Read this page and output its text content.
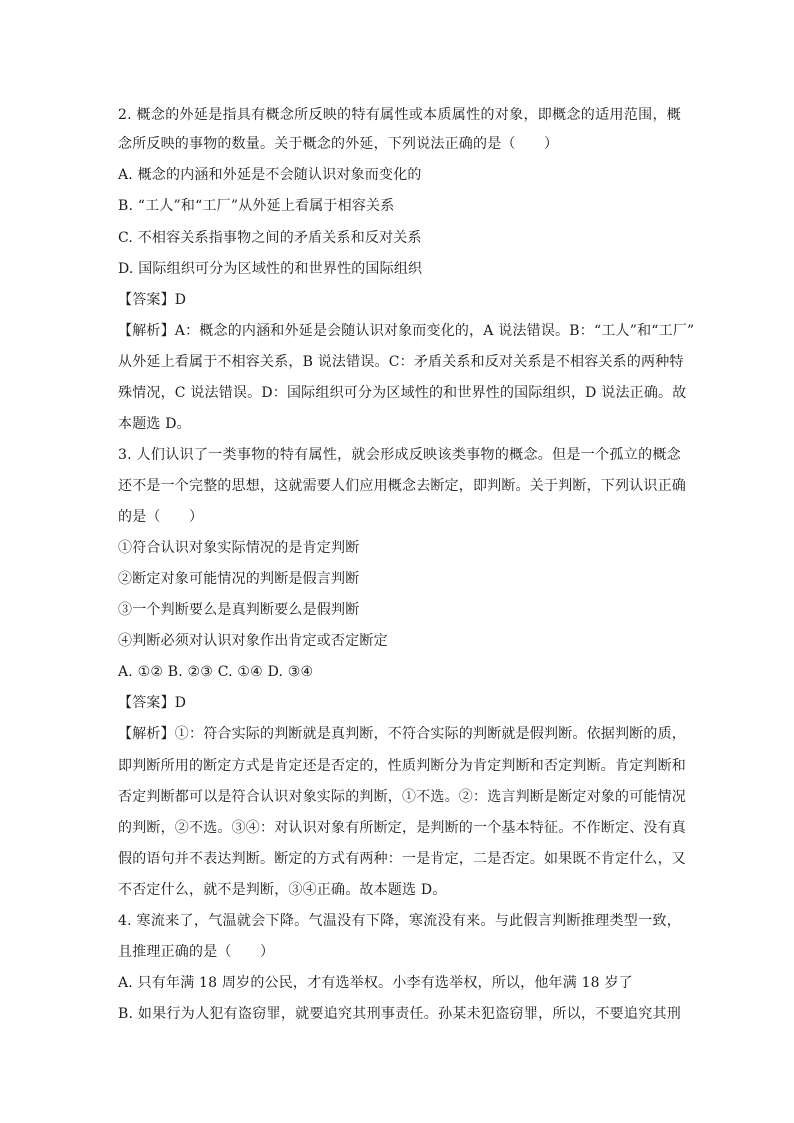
2. 概念的外延是指具有概念所反映的特有属性或本质属性的对象，即概念的适用范围，概
念所反映的事物的数量。关于概念的外延，下列说法正确的是（　　）
A. 概念的内涵和外延是不会随认识对象而变化的
B. “工人”和“工厂”从外延上看属于相容关系
C. 不相容关系指事物之间的矛盾关系和反对关系
D. 国际组织可分为区域性的和世界性的国际组织
【答案】D
【解析】A：概念的内涵和外延是会随认识对象而变化的，A 说法错误。B：“工人”和“工厂”
从外延上看属于不相容关系，B 说法错误。C：矛盾关系和反对关系是不相容关系的两种特
殊情况，C 说法错误。D：国际组织可分为区域性的和世界性的国际组织，D 说法正确。故
本题选 D。
3. 人们认识了一类事物的特有属性，就会形成反映该类事物的概念。但是一个孤立的概念
还不是一个完整的思想，这就需要人们应用概念去断定，即判断。关于判断，下列认识正确
的是（　　）
①符合认识对象实际情况的是肯定判断
②断定对象可能情况的判断是假言判断
③一个判断要么是真判断要么是假判断
④判断必须对认识对象作出肯定或否定断定
A. ①② B. ②③ C. ①④ D. ③④
【答案】D
【解析】①：符合实际的判断就是真判断，不符合实际的判断就是假判断。依据判断的质，
即判断所用的断定方式是肯定还是否定的，性质判断分为肯定判断和否定判断。肯定判断和
否定判断都可以是符合认识对象实际的判断，①不选。②：选言判断是断定对象的可能情况
的判断，②不选。③④：对认识对象有所断定，是判断的一个基本特征。不作断定、没有真
假的语句并不表达判断。断定的方式有两种：一是肯定，二是否定。如果既不肯定什么，又
不否定什么，就不是判断，③④正确。故本题选 D。
4. 寒流来了，气温就会下降。气温没有下降，寒流没有来。与此假言判断推理类型一致，
且推理正确的是（　　）
A. 只有年满 18 周岁的公民，才有选举权。小李有选举权，所以，他年满 18 岁了
B. 如果行为人犯有盗窃罪，就要追究其刑事责任。孙某未犯盗窃罪，所以，不要追究其刑
